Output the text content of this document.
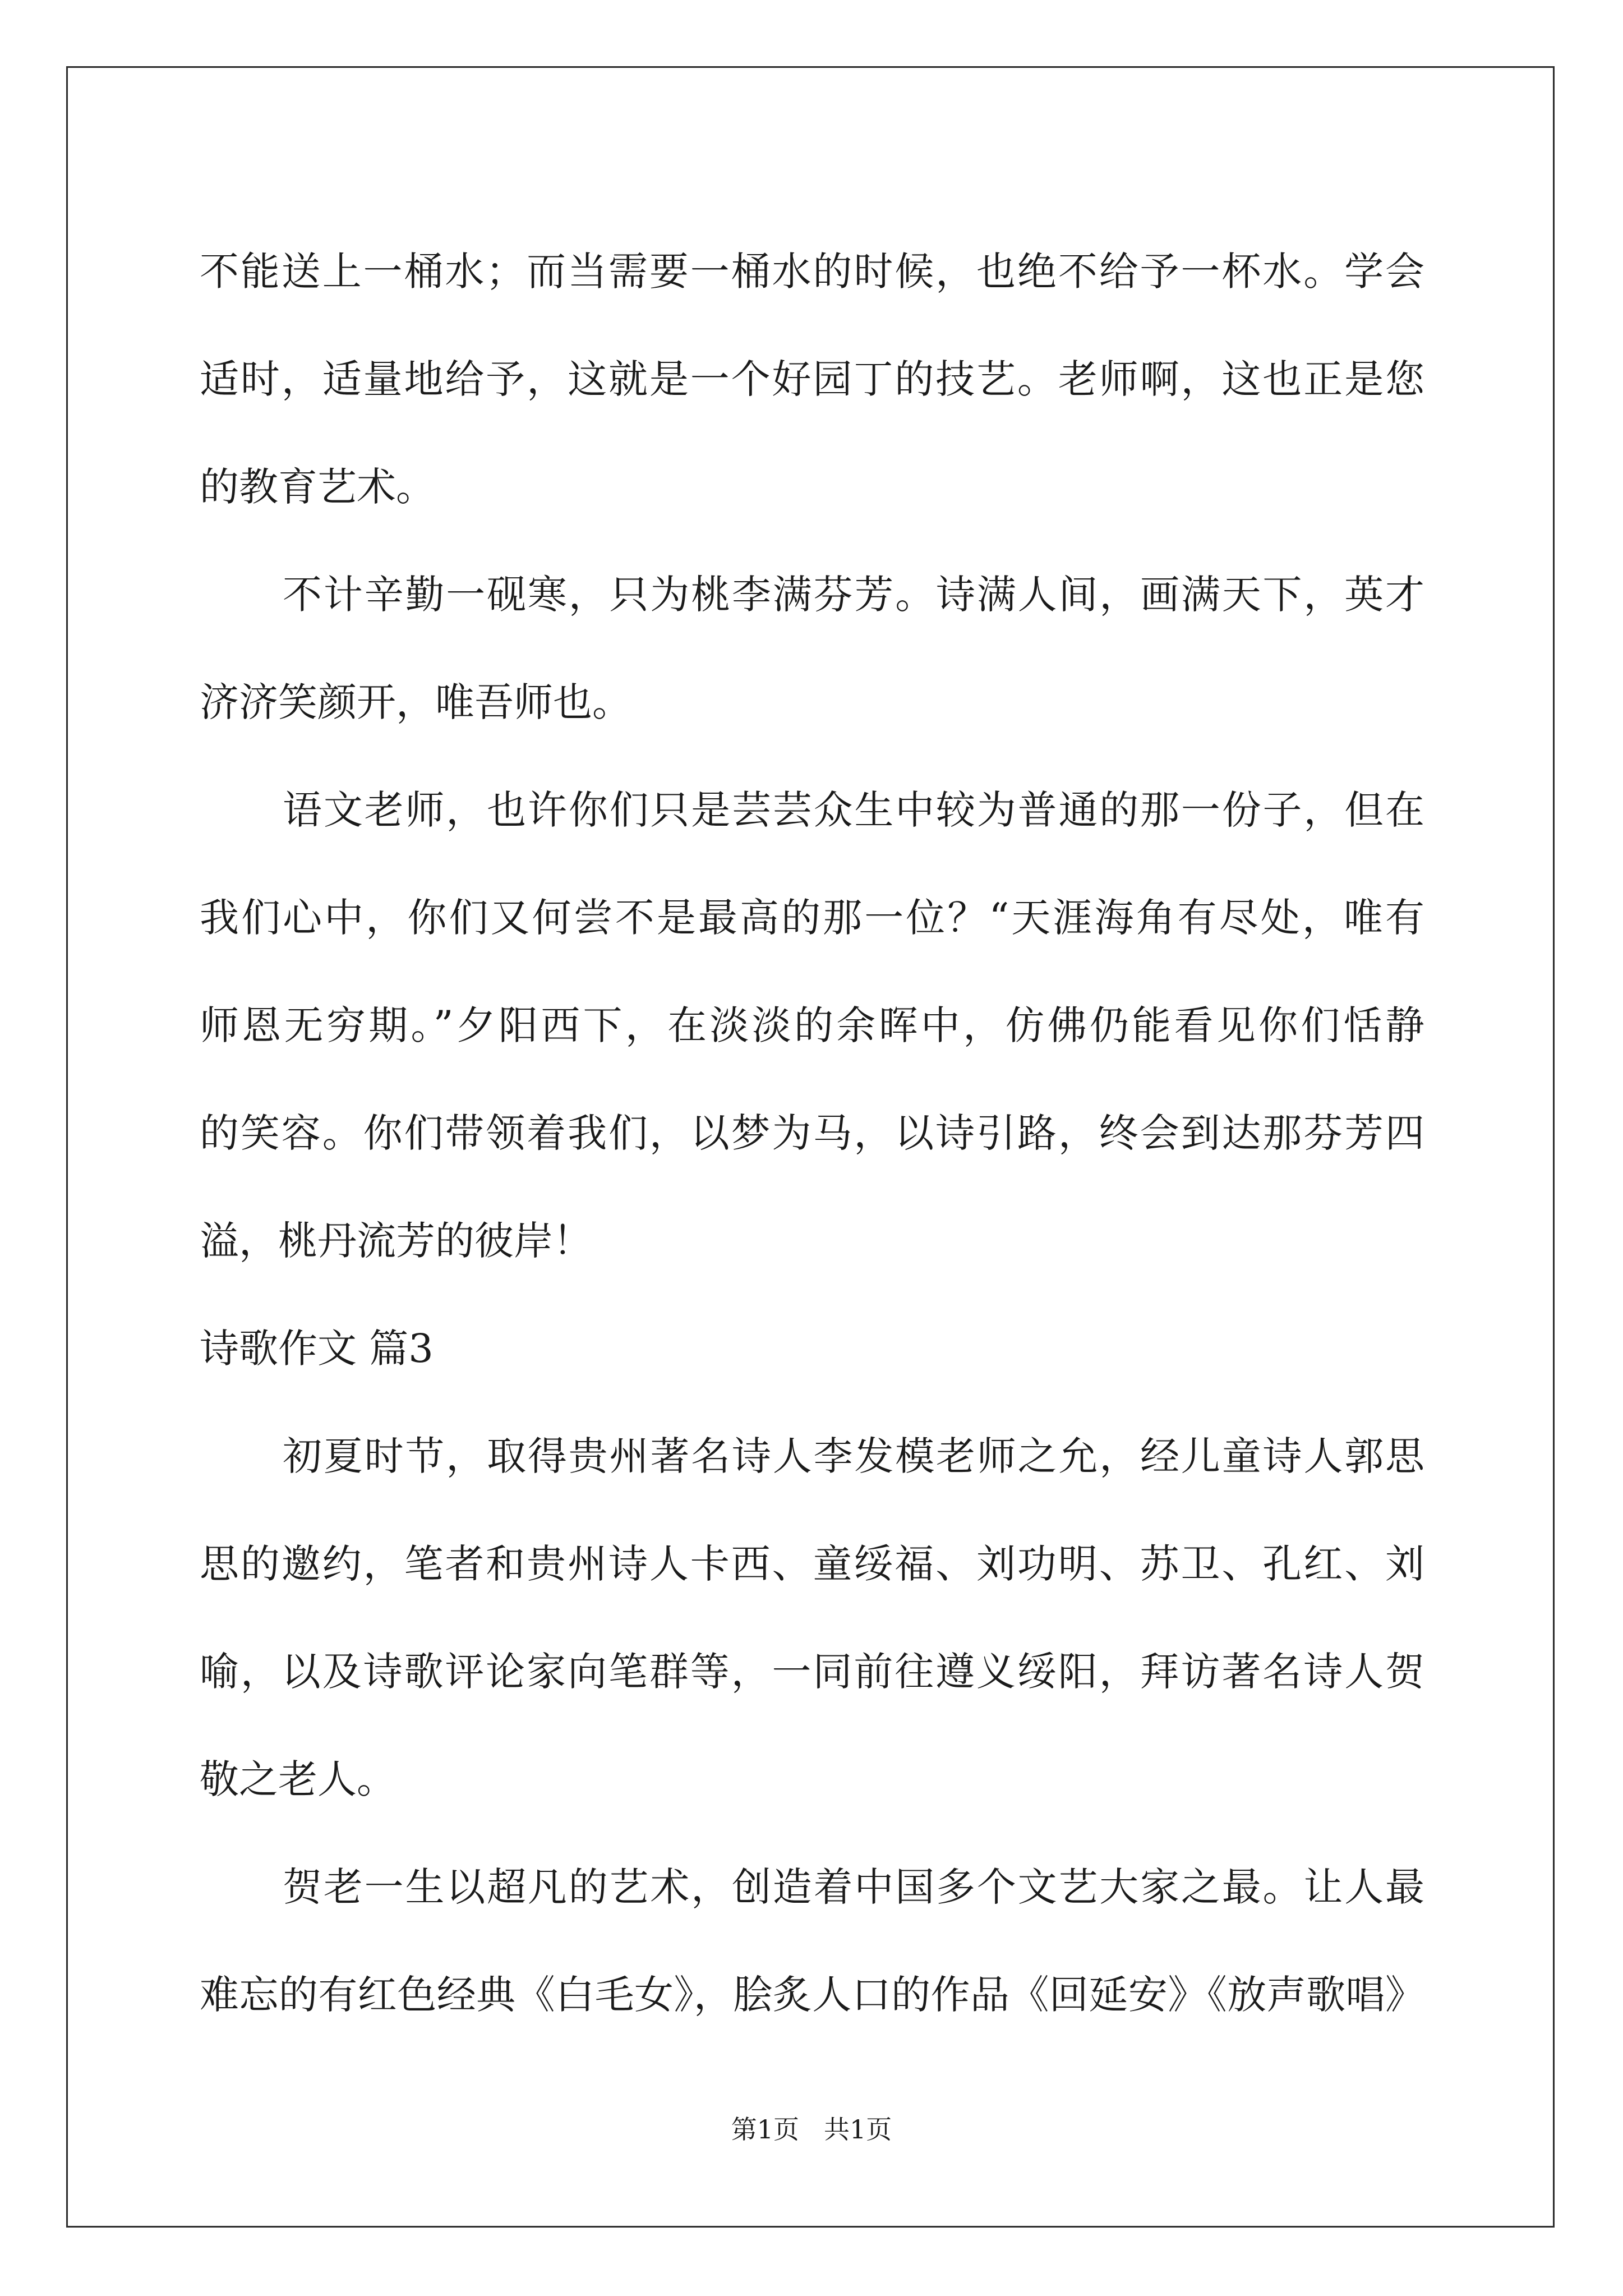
不能送上一桶水；而当需要一桶水的时候，也绝不给予一杯水。学会
适时，适量地给予，这就是一个好园丁的技艺。老师啊，这也正是您
的教育艺术。
不计辛勤一砚寒，只为桃李满芬芳。诗满人间，画满天下，英才
济济笑颜开，唯吾师也。
语文老师，也许你们只是芸芸众生中较为普通的那一份子，但在
我们心中，你们又何尝不是最高的那一位？“天涯海角有尽处，唯有
师恩无穷期。”夕阳西下，在淡淡的余晖中，仿佛仍能看见你们恬静
的笑容。你们带领着我们，以梦为马，以诗引路，终会到达那芬芳四
溢，桃丹流芳的彼岸！
诗歌作文 篇3
初夏时节，取得贵州著名诗人李发模老师之允，经儿童诗人郭思
思的邀约，笔者和贵州诗人卡西、童绥福、刘功明、苏卫、孔红、刘
喻，以及诗歌评论家向笔群等，一同前往遵义绥阳，拜访著名诗人贺
敬之老人。
贺老一生以超凡的艺术，创造着中国多个文艺大家之最。让人最
难忘的有红色经典《白毛女》，脍炙人口的作品《回延安》《放声歌唱》
第1页 共1页
